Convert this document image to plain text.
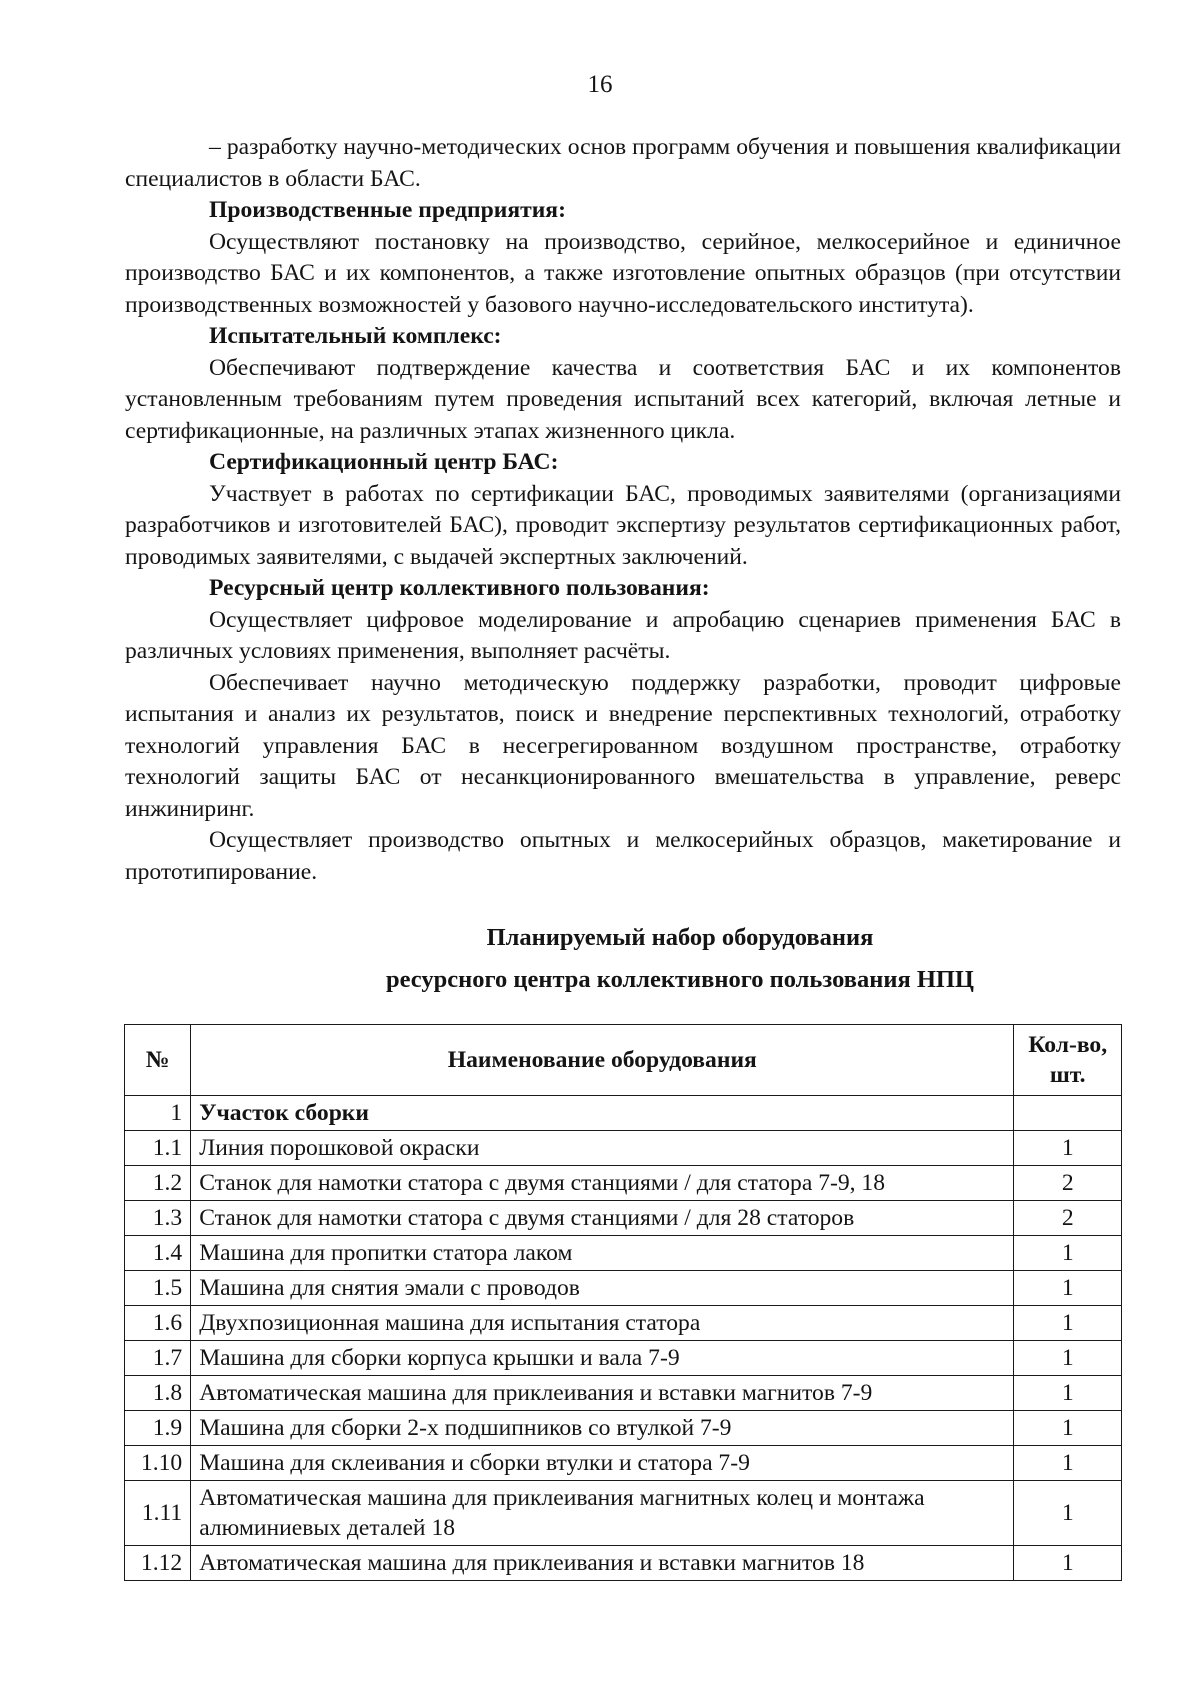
16

– разработку научно-методических основ программ обучения и повышения квалификации специалистов в области БАС.

Производственные предприятия:

Осуществляют постановку на производство, серийное, мелкосерийное и единичное производство БАС и их компонентов, а также изготовление опытных образцов (при отсутствии производственных возможностей у базового научно-исследовательского института).

Испытательный комплекс:

Обеспечивают подтверждение качества и соответствия БАС и их компонентов установленным требованиям путем проведения испытаний всех категорий, включая летные и сертификационные, на различных этапах жизненного цикла.

Сертификационный центр БАС:

Участвует в работах по сертификации БАС, проводимых заявителями (организациями разработчиков и изготовителей БАС), проводит экспертизу результатов сертификационных работ, проводимых заявителями, с выдачей экспертных заключений.

Ресурсный центр коллективного пользования:

Осуществляет цифровое моделирование и апробацию сценариев применения БАС в различных условиях применения, выполняет расчёты.

Обеспечивает научно методическую поддержку разработки, проводит цифровые испытания и анализ их результатов, поиск и внедрение перспективных технологий, отработку технологий управления БАС в несегрегированном воздушном пространстве, отработку технологий защиты БАС от несанкционированного вмешательства в управление, реверс инжиниринг.

Осуществляет производство опытных и мелкосерийных образцов, макетирование и прототипирование.

Планируемый набор оборудования
ресурсного центра коллективного пользования НПЦ
№	Наименование оборудования	Кол-во, шт.
1	Участок сборки	
1.1	Линия порошковой окраски	1
1.2	Станок для намотки статора с двумя станциями / для статора 7-9, 18	2
1.3	Станок для намотки статора с двумя станциями / для 28 статоров	2
1.4	Машина для пропитки статора лаком	1
1.5	Машина для снятия эмали с проводов	1
1.6	Двухпозиционная машина для испытания статора	1
1.7	Машина для сборки корпуса крышки и вала 7-9	1
1.8	Автоматическая машина для приклеивания и вставки магнитов 7-9	1
1.9	Машина для сборки 2-х подшипников со втулкой 7-9	1
1.10	Машина для склеивания и сборки втулки и статора 7-9	1
1.11	Автоматическая машина для приклеивания магнитных колец и монтажа алюминиевых деталей 18	1
1.12	Автоматическая машина для приклеивания и вставки магнитов 18	1
